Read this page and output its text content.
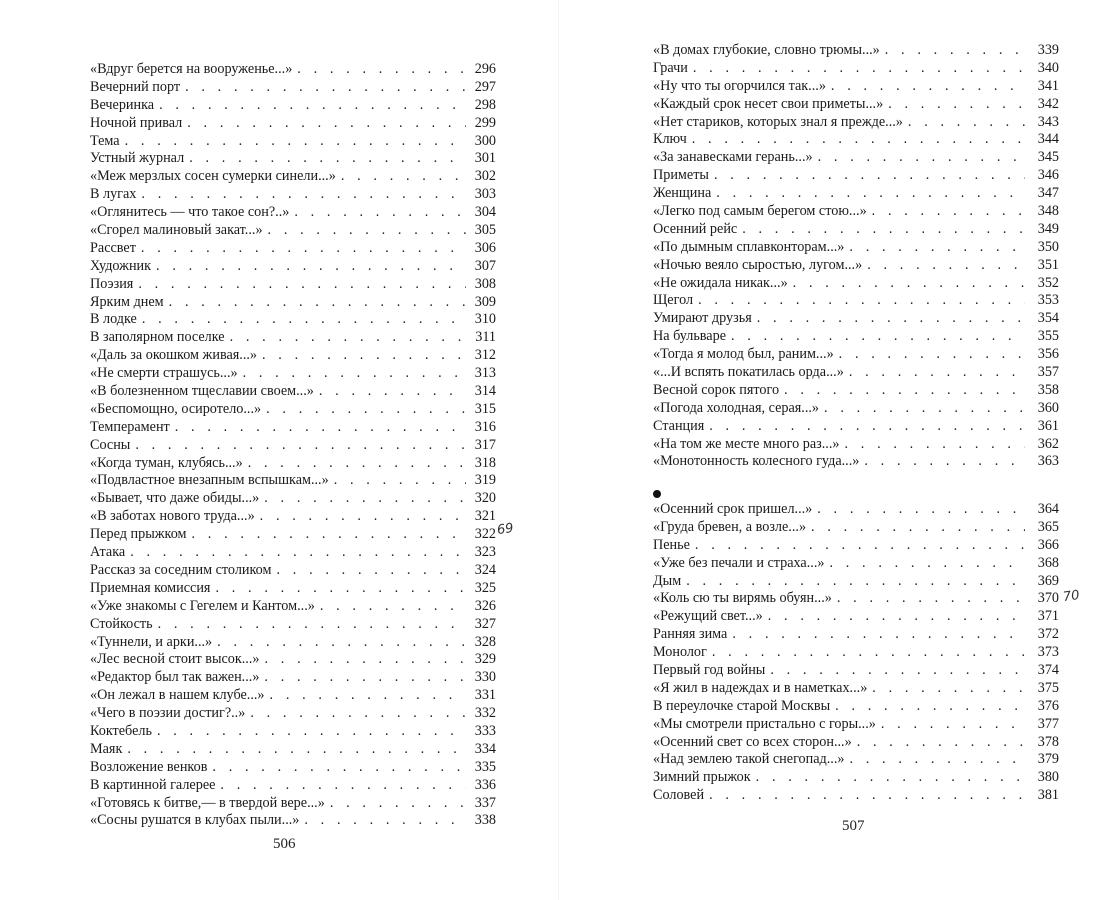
«Вдруг берется на вооруженье...» . . .	296
Вечерний порт . . .	297
Вечеринка . . .	298
Ночной привал . . .	299
Тема . . .	300
Устный журнал . . .	301
«Меж мерзлых сосен сумерки синели...» . . .	302
В лугах . . .	303
«Оглянитесь — что такое сон?..» . . .	304
«Сгорел малиновый закат...» . . .	305
Рассвет . . .	306
Художник . . .	307
Поэзия . . .	308
Ярким днем . . .	309
В лодке . . .	310
В заполярном поселке . . .	311
«Даль за окошком живая...» . . .	312
«Не смерти страшусь...» . . .	313
«В болезненном тщеславии своем...» . . .	314
«Беспомощно, осиротело...» . . .	315
Темперамент . . .	316
Сосны . . .	317
«Когда туман, клубясь...» . . .	318
«Подвластное внезапным вспышкам...» . . .	319
«Бывает, что даже обиды...» . . .	320
«В заботах нового труда...» . . .	321
Перед прыжком . . .	322
Атака . . .	323
Рассказ за соседним столиком . . .	324
Приемная комиссия . . .	325
«Уже знакомы с Гегелем и Кантом...» . . .	326
Стойкость . . .	327
«Туннели, и арки...» . . .	328
«Лес весной стоит высок...» . . .	329
«Редактор был так важен...» . . .	330
«Он лежал в нашем клубе...» . . .	331
«Чего в поэзии достиг?..» . . .	332
Коктебель . . .	333
Маяк . . .	334
Возложение венков . . .	335
В картинной галерее . . .	336
«Готовясь к битве,— в твердой вере...» . . .	337
«Сосны рушатся в клубах пыли...» . . .	338
506
«В домах глубокие, словно трюмы...» . . .	339
Грачи . . .	340
«Ну что ты огорчился так...» . . .	341
«Каждый срок несет свои приметы...» . . .	342
«Нет стариков, которых знал я прежде...» . . .	343
Ключ . . .	344
«За занавесками герань...» . . .	345
Приметы . . .	346
Женщина . . .	347
«Легко под самым берегом стою...» . . .	348
Осенний рейс . . .	349
«По дымным сплавконторам...» . . .	350
«Ночью веяло сыростью, лугом...» . . .	351
«Не ожидала никак...» . . .	352
Щегол . . .	353
Умирают друзья . . .	354
На бульваре . . .	355
«Тогда я молод был, раним...» . . .	356
«...И вспять покатилась орда...» . . .	357
Весной сорок пятого . . .	358
«Погода холодная, серая...» . . .	360
Станция . . .	361
«На том же месте много раз...» . . .	362
«Монотонность колесного гуда...» . . .	363
«Осенний срок пришел...» . . .	364
«Груда бревен, а возле...» . . .	365
Пенье . . .	366
«Уже без печали и страха...» . . .	368
Дым . . .	369
«Коль сю ты вирямь обуян...» . . .	370
«Режущий свет...» . . .	371
Ранняя зима . . .	372
Монолог . . .	373
Первый год войны . . .	374
«Я жил в надеждах и в наметках...» . . .	375
В переулочке старой Москвы . . .	376
«Мы смотрели пристально с горы...» . . .	377
«Осенний свет со всех сторон...» . . .	378
«Над землею такой снегопад...» . . .	379
Зимний прыжок . . .	380
Соловей . . .	381
507
69
70
